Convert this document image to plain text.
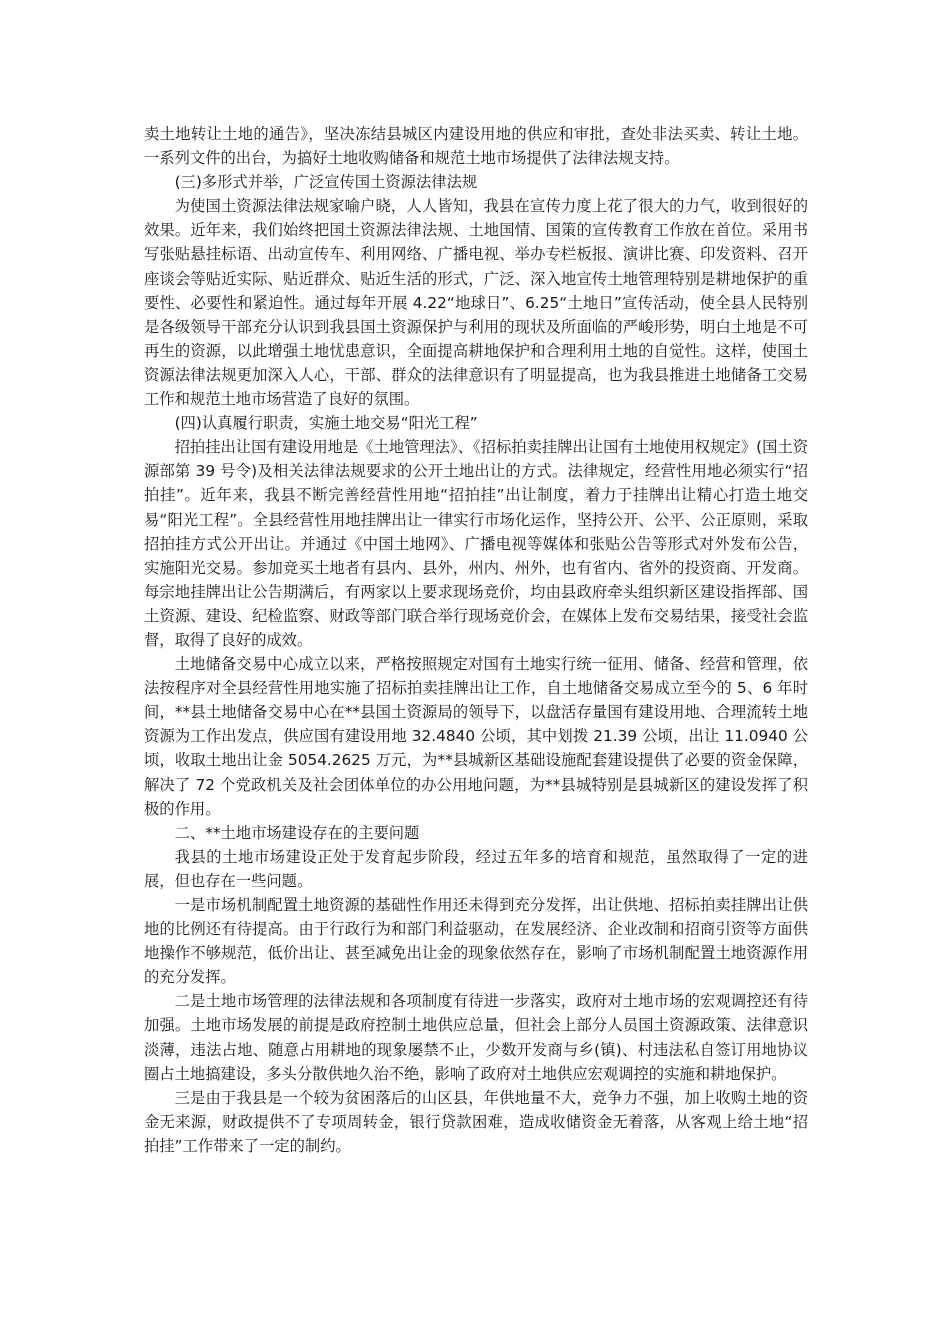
卖土地转让土地的通告》，坚决冻结县城区内建设用地的供应和审批，查处非法买卖、转让土地。一系列文件的出台，为搞好土地收购储备和规范土地市场提供了法律法规支持。

(三)多形式并举，广泛宣传国土资源法律法规

为使国土资源法律法规家喻户晓，人人皆知，我县在宣传力度上花了很大的力气，收到很好的效果。近年来，我们始终把国土资源法律法规、土地国情、国策的宣传教育工作放在首位。采用书写张贴悬挂标语、出动宣传车、利用网络、广播电视、举办专栏板报、演讲比赛、印发资料、召开座谈会等贴近实际、贴近群众、贴近生活的形式，广泛、深入地宣传土地管理特别是耕地保护的重要性、必要性和紧迫性。通过每年开展 4.22“地球日”、6.25“土地日”宣传活动，使全县人民特别是各级领导干部充分认识到我县国土资源保护与利用的现状及所面临的严峻形势，明白土地是不可再生的资源，以此增强土地忧患意识，全面提高耕地保护和合理利用土地的自觉性。这样，使国土资源法律法规更加深入人心，干部、群众的法律意识有了明显提高，也为我县推进土地储备工交易工作和规范土地市场营造了良好的氛围。

(四)认真履行职责，实施土地交易“阳光工程”

招拍挂出让国有建设用地是《土地管理法》、《招标拍卖挂牌出让国有土地使用权规定》(国土资源部第 39 号令)及相关法律法规要求的公开土地出让的方式。法律规定，经营性用地必须实行“招拍挂”。近年来，我县不断完善经营性用地“招拍挂”出让制度，着力于挂牌出让精心打造土地交易“阳光工程”。全县经营性用地挂牌出让一律实行市场化运作，坚持公开、公平、公正原则，采取招拍挂方式公开出让。并通过《中国土地网》、广播电视等媒体和张贴公告等形式对外发布公告，实施阳光交易。参加竞买土地者有县内、县外，州内、州外，也有省内、省外的投资商、开发商。每宗地挂牌出让公告期满后，有两家以上要求现场竞价，均由县政府牵头组织新区建设指挥部、国土资源、建设、纪检监察、财政等部门联合举行现场竞价会，在媒体上发布交易结果，接受社会监督，取得了良好的成效。

土地储备交易中心成立以来，严格按照规定对国有土地实行统一征用、储备、经营和管理，依法按程序对全县经营性用地实施了招标拍卖挂牌出让工作，自土地储备交易成立至今的 5、6 年时间，**县土地储备交易中心在**县国土资源局的领导下，以盘活存量国有建设用地、合理流转土地资源为工作出发点，供应国有建设用地 32.4840 公顷，其中划拨 21.39 公顷，出让 11.0940 公顷，收取土地出让金 5054.2625 万元，为**县城新区基础设施配套建设提供了必要的资金保障，解决了 72 个党政机关及社会团体单位的办公用地问题，为**县城特别是县城新区的建设发挥了积极的作用。

二、**土地市场建设存在的主要问题

我县的土地市场建设正处于发育起步阶段，经过五年多的培育和规范，虽然取得了一定的进展，但也存在一些问题。

一是市场机制配置土地资源的基础性作用还未得到充分发挥，出让供地、招标拍卖挂牌出让供地的比例还有待提高。由于行政行为和部门利益驱动，在发展经济、企业改制和招商引资等方面供地操作不够规范，低价出让、甚至减免出让金的现象依然存在，影响了市场机制配置土地资源作用的充分发挥。

二是土地市场管理的法律法规和各项制度有待进一步落实，政府对土地市场的宏观调控还有待加强。土地市场发展的前提是政府控制土地供应总量，但社会上部分人员国土资源政策、法律意识淡薄，违法占地、随意占用耕地的现象屡禁不止，少数开发商与乡(镇)、村违法私自签订用地协议圈占土地搞建设，多头分散供地久治不绝，影响了政府对土地供应宏观调控的实施和耕地保护。

三是由于我县是一个较为贫困落后的山区县，年供地量不大，竞争力不强，加上收购土地的资金无来源，财政提供不了专项周转金，银行贷款困难，造成收储资金无着落，从客观上给土地“招拍挂”工作带来了一定的制约。
